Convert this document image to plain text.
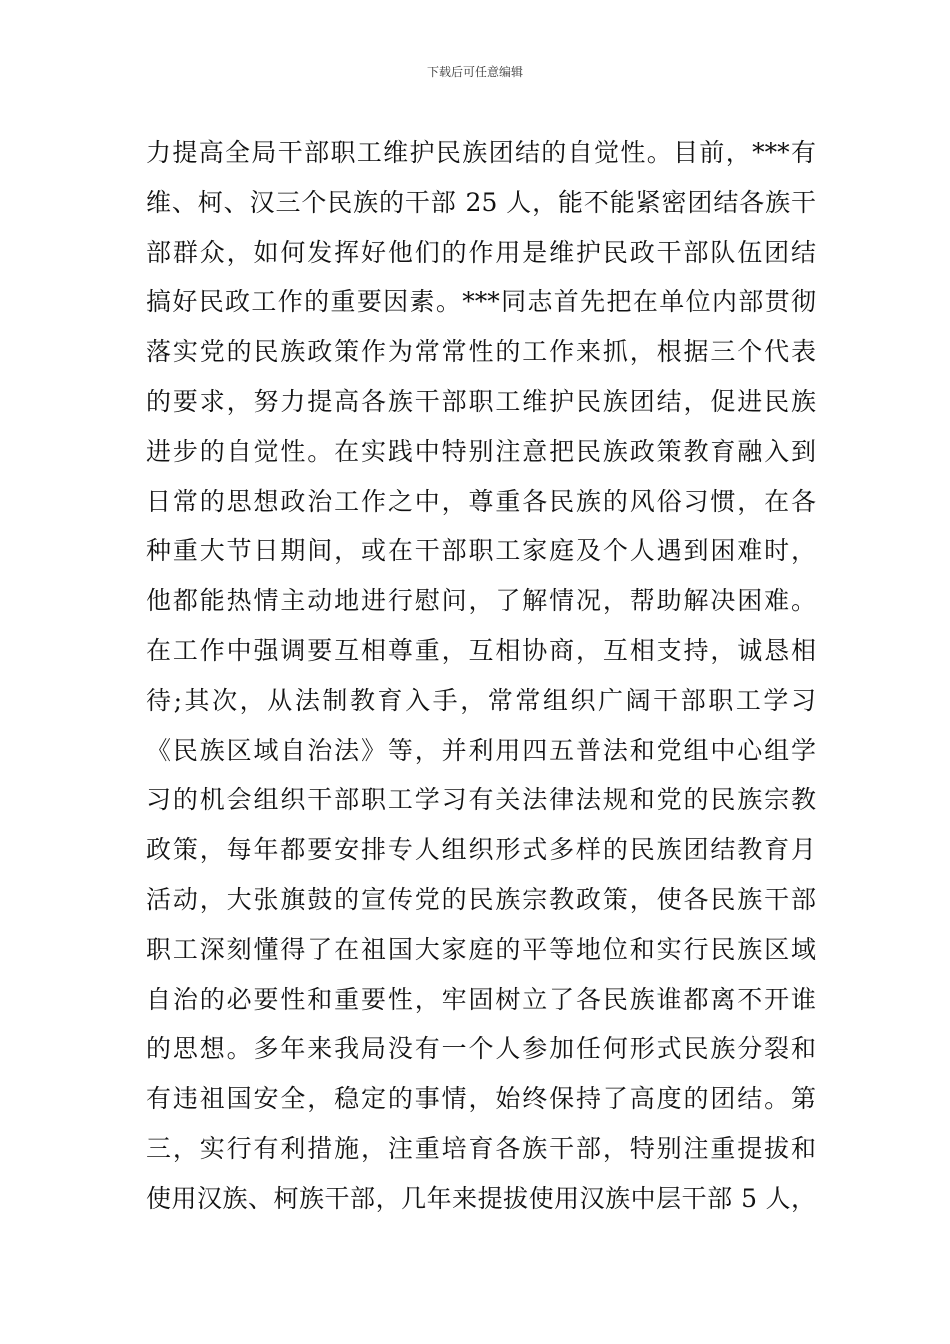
下载后可任意编辑
力提高全局干部职工维护民族团结的自觉性。目前，***有
维、柯、汉三个民族的干部 25 人，能不能紧密团结各族干
部群众，如何发挥好他们的作用是维护民政干部队伍团结
搞好民政工作的重要因素。***同志首先把在单位内部贯彻
落实党的民族政策作为常常性的工作来抓，根据三个代表
的要求，努力提高各族干部职工维护民族团结，促进民族
进步的自觉性。在实践中特别注意把民族政策教育融入到
日常的思想政治工作之中，尊重各民族的风俗习惯，在各
种重大节日期间，或在干部职工家庭及个人遇到困难时，
他都能热情主动地进行慰问，了解情况，帮助解决困难。
在工作中强调要互相尊重，互相协商，互相支持，诚恳相
待;其次，从法制教育入手，常常组织广阔干部职工学习
《民族区域自治法》等，并利用四五普法和党组中心组学
习的机会组织干部职工学习有关法律法规和党的民族宗教
政策，每年都要安排专人组织形式多样的民族团结教育月
活动，大张旗鼓的宣传党的民族宗教政策，使各民族干部
职工深刻懂得了在祖国大家庭的平等地位和实行民族区域
自治的必要性和重要性，牢固树立了各民族谁都离不开谁
的思想。多年来我局没有一个人参加任何形式民族分裂和
有违祖国安全，稳定的事情，始终保持了高度的团结。第
三，实行有利措施，注重培育各族干部，特别注重提拔和
使用汉族、柯族干部，几年来提拔使用汉族中层干部 5 人，
